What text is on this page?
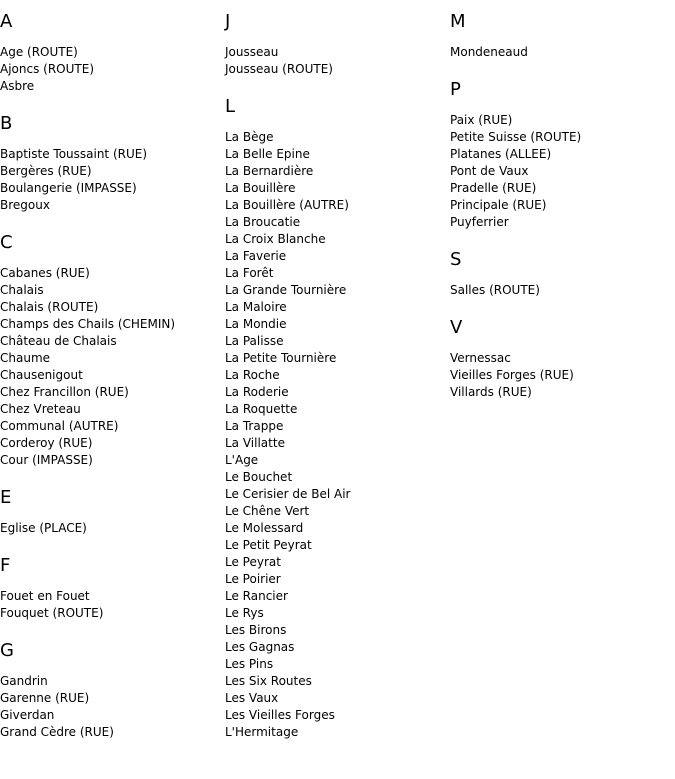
A
Age (ROUTE)
Ajoncs (ROUTE)
Asbre
B
Baptiste Toussaint (RUE)
Bergères (RUE)
Boulangerie (IMPASSE)
Bregoux
C
Cabanes (RUE)
Chalais
Chalais (ROUTE)
Champs des Chails (CHEMIN)
Château de Chalais
Chaume
Chausenigout
Chez Francillon (RUE)
Chez Vreteau
Communal (AUTRE)
Corderoy (RUE)
Cour (IMPASSE)
E
Eglise (PLACE)
F
Fouet en Fouet
Fouquet (ROUTE)
G
Gandrin
Garenne (RUE)
Giverdan
Grand Cèdre (RUE)
J
Jousseau
Jousseau (ROUTE)
L
La Bège
La Belle Epine
La Bernardière
La Bouillère
La Bouillère (AUTRE)
La Broucatie
La Croix Blanche
La Faverie
La Forêt
La Grande Tournière
La Maloire
La Mondie
La Palisse
La Petite Tournière
La Roche
La Roderie
La Roquette
La Trappe
La Villatte
L'Age
Le Bouchet
Le Cerisier de Bel Air
Le Chêne Vert
Le Molessard
Le Petit Peyrat
Le Peyrat
Le Poirier
Le Rancier
Le Rys
Les Birons
Les Gagnas
Les Pins
Les Six Routes
Les Vaux
Les Vieilles Forges
L'Hermitage
M
Mondeneaud
P
Paix (RUE)
Petite Suisse (ROUTE)
Platanes (ALLEE)
Pont de Vaux
Pradelle (RUE)
Principale (RUE)
Puyferrier
S
Salles (ROUTE)
V
Vernessac
Vieilles Forges (RUE)
Villards (RUE)
